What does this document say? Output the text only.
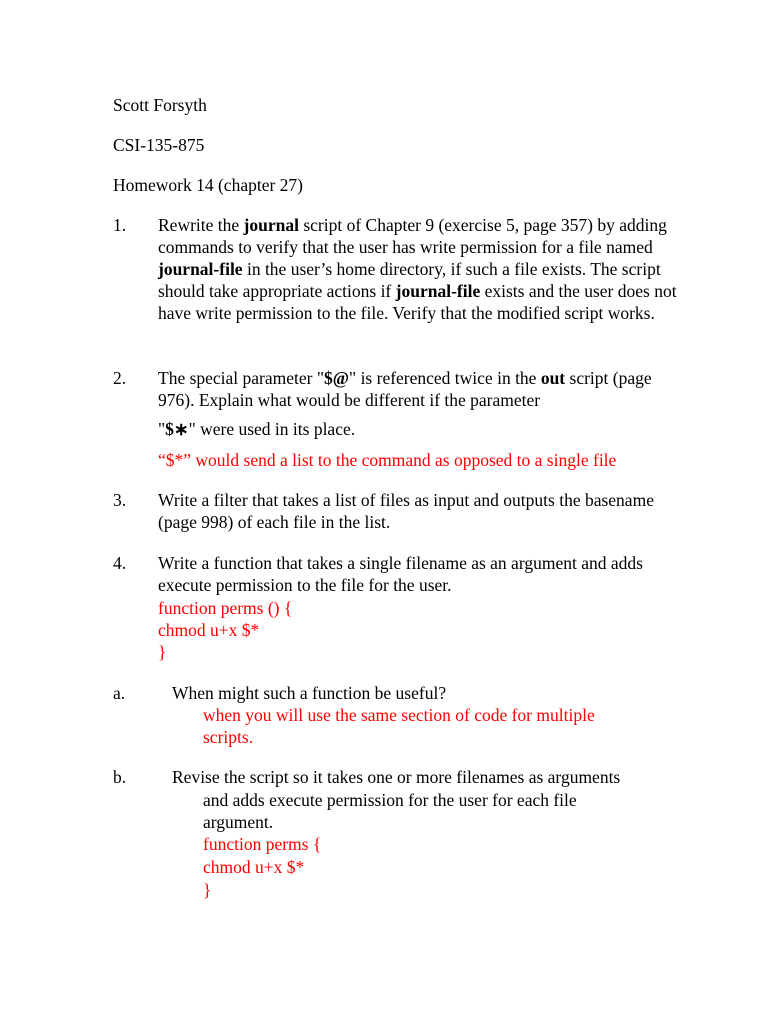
Scott Forsyth

CSI-135-875

Homework 14 (chapter 27)

1. Rewrite the journal script of Chapter 9 (exercise 5, page 357) by adding commands to verify that the user has write permission for a file named journal-file in the user’s home directory, if such a file exists. The script should take appropriate actions if journal-file exists and the user does not have write permission to the file. Verify that the modified script works.

2. The special parameter "$@" is referenced twice in the out script (page 976). Explain what would be different if the parameter

"$∗" were used in its place.

“$*” would send a list to the command as opposed to a single file

3. Write a filter that takes a list of files as input and outputs the basename (page 998) of each file in the list.

4. Write a function that takes a single filename as an argument and adds execute permission to the file for the user.

function perms () {

chmod u+x $*

}

a.	When might such a function be useful?

when you will use the same section of code for multiple scripts.

b.	Revise the script so it takes one or more filenames as arguments

and adds execute permission for the user for each file argument.

function perms {

chmod u+x $*

}
